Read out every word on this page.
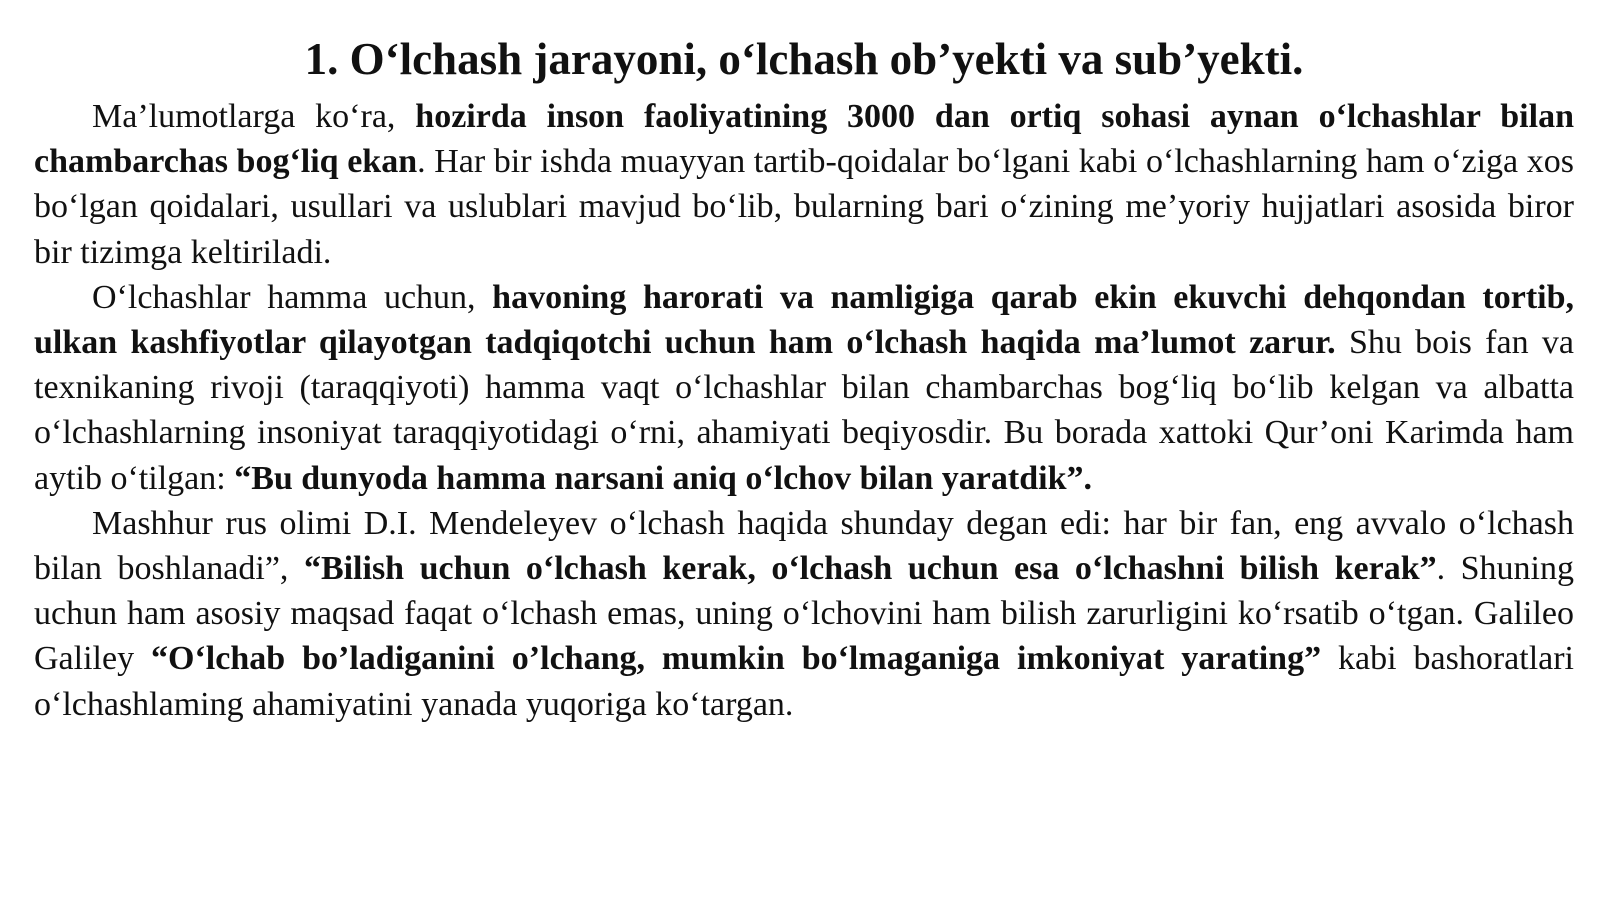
1. O‘lchash jarayoni, o‘lchash ob’yekti va sub’yekti.

Ma’lumotlarga ko‘ra, hozirda inson faoliyatining 3000 dan ortiq sohasi aynan o‘lchashlar bilan chambarchas bog‘liq ekan. Har bir ishda muayyan tartib-qoidalar bo‘lgani kabi o‘lchashlarning ham o‘ziga xos bo‘lgan qoidalari, usullari va uslublari mavjud bo‘lib, bularning bari o‘zining me’yoriy hujjatlari asosida biror bir tizimga keltiriladi.

O‘lchashlar hamma uchun, havoning harorati va namligiga qarab ekin ekuvchi dehqondan tortib, ulkan kashfiyotlar qilayotgan tadqiqotchi uchun ham o‘lchash haqida ma’lumot zarur. Shu bois fan va texnikaning rivoji (taraqqiyoti) hamma vaqt o‘lchashlar bilan chambarchas bog‘liq bo‘lib kelgan va albatta o‘lchashlarning insoniyat taraqqiyotidagi o‘rni, ahamiyati beqiyosdir. Bu borada xattoki Qur’oni Karimda ham aytib o‘tilgan: “Bu dunyoda hamma narsani aniq o‘lchov bilan yaratdik”.

Mashhur rus olimi D.I. Mendeleyev o‘lchash haqida shunday degan edi: har bir fan, eng avvalo o‘lchash bilan boshlanadi”, “Bilish uchun o‘lchash kerak, o‘lchash uchun esa o‘lchashni bilish kerak”. Shuning uchun ham asosiy maqsad faqat o‘lchash emas, uning o‘lchovini ham bilish zarurligini ko‘rsatib o‘tgan. Galileo Galiley “O‘lchab bo’ladiganini o’lchang, mumkin bo‘lmaganiga imkoniyat yarating” kabi bashoratlari o‘lchashlaming ahamiyatini yanada yuqoriga ko‘targan.
